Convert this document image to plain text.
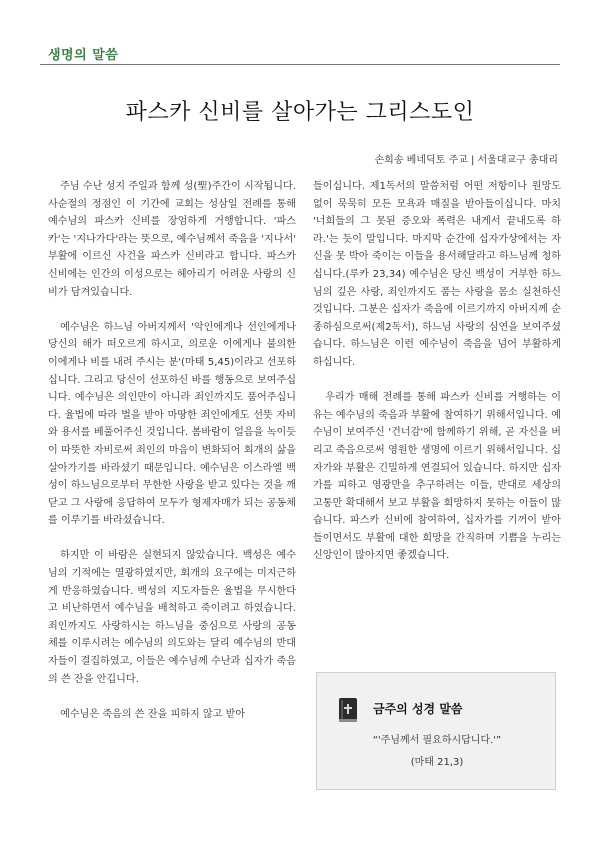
생명의 말씀
파스카 신비를 살아가는 그리스도인
손희송 베네딕토 주교 | 서울대교구 총대리

주님 수난 성지 주일과 함께 성(聖)주간이 시작됩니다. 사순절의 정점인 이 기간에 교회는 성삼일 전례를 통해 예수님의 파스카 신비를 장엄하게 거행합니다. '파스카'는 '지나가다'라는 뜻으로, 예수님께서 죽음을 '지나서' 부활에 이르신 사건을 파스카 신비라고 합니다. 파스카 신비에는 인간의 이성으로는 헤아리기 어려운 사랑의 신비가 담겨있습니다.

예수님은 하느님 아버지께서 '악인에게나 선인에게나 당신의 해가 떠오르게 하시고, 의로운 이에게나 불의한 이에게나 비를 내려 주시는 분'(마태 5,45)이라고 선포하십니다. 그리고 당신이 선포하신 바를 행동으로 보여주십니다. 예수님은 의인만이 아니라 죄인까지도 품어주십니다. 율법에 따라 벌을 받아 마땅한 죄인에게도 선뜻 자비와 용서를 베풀어주신 것입니다. 봄바람이 얼음을 녹이듯이 따뜻한 자비로써 죄인의 마음이 변화되어 회개의 삶을 살아가기를 바라셨기 때문입니다. 예수님은 이스라엘 백성이 하느님으로부터 무한한 사랑을 받고 있다는 것을 깨닫고 그 사랑에 응답하여 모두가 형제자매가 되는 공동체를 이루기를 바라셨습니다.

하지만 이 바람은 실현되지 않았습니다. 백성은 예수님의 기적에는 열광하였지만, 회개의 요구에는 미지근하게 반응하였습니다. 백성의 지도자들은 율법을 무시한다고 비난하면서 예수님을 배척하고 죽이려고 하였습니다. 죄인까지도 사랑하시는 하느님을 중심으로 사랑의 공동체를 이루시려는 예수님의 의도와는 달리 예수님의 반대자들이 결집하였고, 이들은 예수님께 수난과 십자가 죽음의 쓴 잔을 안깁니다.

예수님은 죽음의 쓴 잔을 피하지 않고 받아

들이십니다. 제1독서의 말씀처럼 어떤 저항이나 원망도 없이 묵묵히 모든 모욕과 매질을 받아들이십니다. 마치 '너희들의 그 못된 증오와 폭력은 내게서 끝내도록 하라.'는 듯이 말입니다. 마지막 순간에 십자가상에서는 자신을 못 박아 죽이는 이들을 용서해달라고 하느님께 청하십니다.(루카 23,34) 예수님은 당신 백성이 거부한 하느님의 깊은 사랑, 죄인까지도 품는 사랑을 몸소 실천하신 것입니다. 그분은 십자가 죽음에 이르기까지 아버지께 순종하심으로써(제2독서), 하느님 사랑의 심연을 보여주셨습니다. 하느님은 이런 예수님이 죽음을 넘어 부활하게 하십니다.

우리가 매해 전례를 통해 파스카 신비를 거행하는 이유는 예수님의 죽음과 부활에 참여하기 위해서입니다. 예수님이 보여주신 '건너감'에 함께하기 위해, 곧 자신을 버리고 죽음으로써 영원한 생명에 이르기 위해서입니다. 십자가와 부활은 긴밀하게 연결되어 있습니다. 하지만 십자가를 피하고 영광만을 추구하려는 이들, 반대로 세상의 고통만 확대해서 보고 부활을 희망하지 못하는 이들이 많습니다. 파스카 신비에 참여하여, 십자가를 기꺼이 받아들이면서도 부활에 대한 희망을 간직하며 기쁨을 누리는 신앙인이 많아지면 좋겠습니다.

금주의 성경 말씀
“'주님께서 필요하시답니다.'”
(마태 21,3)
